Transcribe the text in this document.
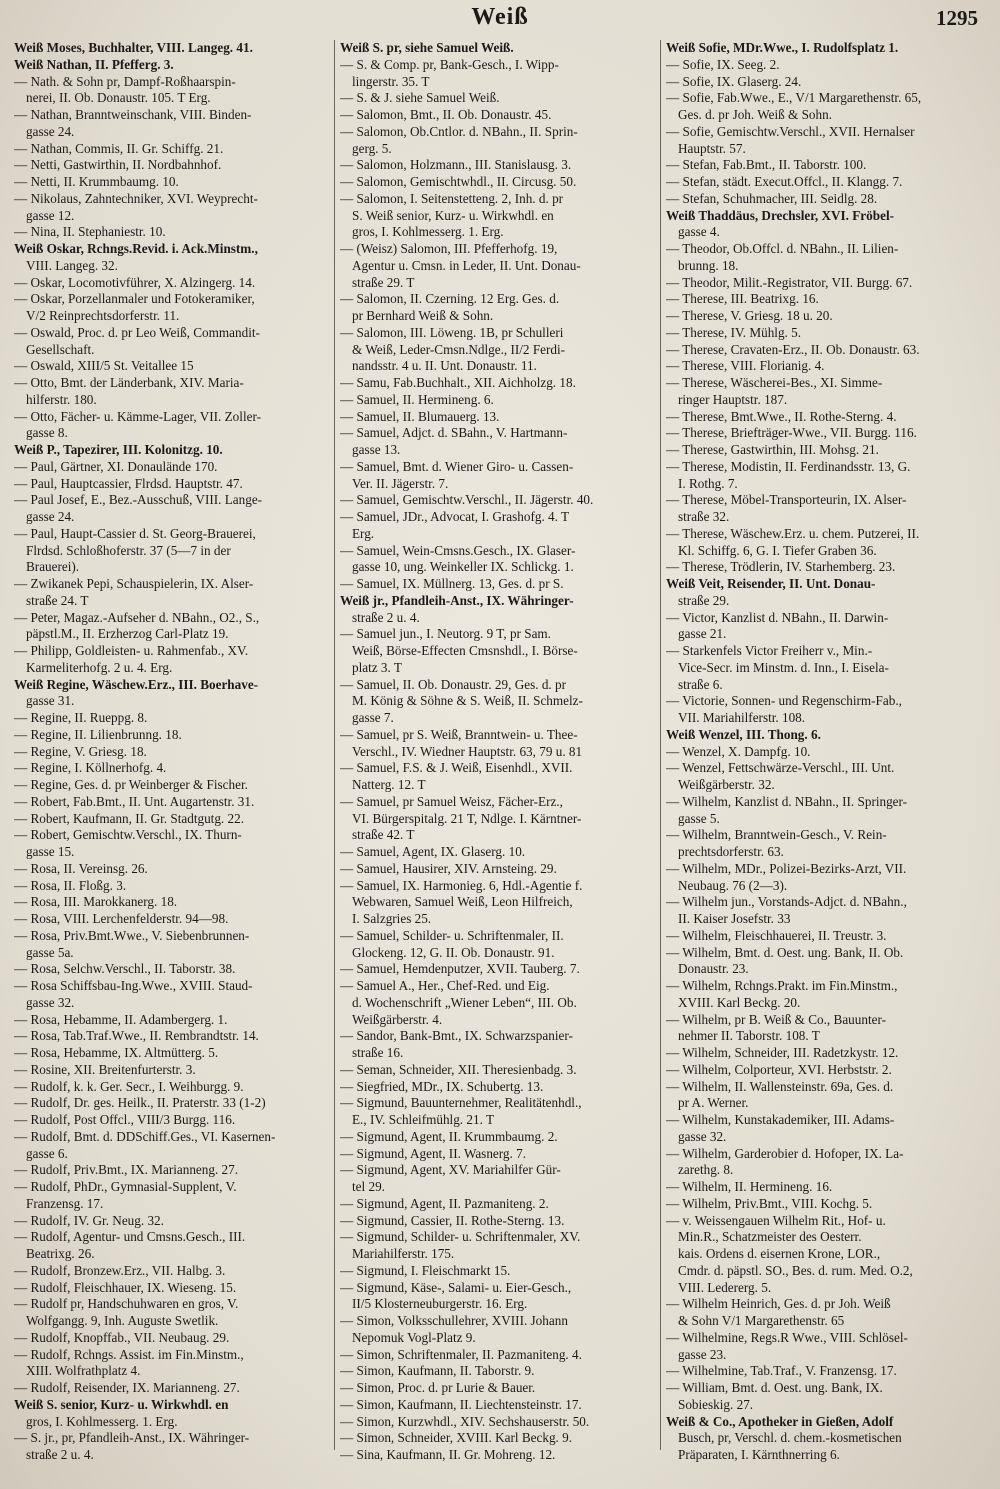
Weiß	1295
Weiß Moses, Buchhalter, VIII. Langeg. 41.
Weiß Nathan, II. Pfefferg. 3.
— Nath. & Sohn pr, Dampf-Roßhaarspin-
nerei, II. Ob. Donaustr. 105. T Erg.
— Nathan, Branntweinschank, VIII. Binden-
gasse 24.
— Nathan, Commis, II. Gr. Schiffg. 21.
— Netti, Gastwirthin, II. Nordbahnhof.
— Netti, II. Krummbaumg. 10.
— Nikolaus, Zahntechniker, XVI. Weyprecht-
gasse 12.
— Nina, II. Stephaniestr. 10.
Weiß Oskar, Rchngs.Revid. i. Ack.Minstm.,
VIII. Langeg. 32.
— Oskar, Locomotivführer, X. Alzingerg. 14.
— Oskar, Porzellanmaler und Fotokeramiker,
V/2 Reinprechtsdorferstr. 11.
— Oswald, Proc. d. pr Leo Weiß, Commandit-
Gesellschaft.
— Oswald, XIII/5 St. Veitallee 15
— Otto, Bmt. der Länderbank, XIV. Maria-
hilferstr. 180.
— Otto, Fächer- u. Kämme-Lager, VII. Zoller-
gasse 8.
Weiß P., Tapezirer, III. Kolonitzg. 10.
— Paul, Gärtner, XI. Donaulände 170.
— Paul, Hauptcassier, Flrdsd. Hauptstr. 47.
— Paul Josef, E., Bez.-Ausschuß, VIII. Lange-
gasse 24.
— Paul, Haupt-Cassier d. St. Georg-Brauerei,
Flrdsd. Schloßhoferstr. 37 (5—7 in der
Brauerei).
— Zwikanek Pepi, Schauspielerin, IX. Alser-
straße 24. T
— Peter, Magaz.-Aufseher d. NBahn., O2., S.,
päpstl.M., II. Erzherzog Carl-Platz 19.
— Philipp, Goldleisten- u. Rahmenfab., XV.
Karmeliterhofg. 2 u. 4. Erg.
Weiß Regine, Wäschew.Erz., III. Boerhave-
gasse 31.
— Regine, II. Rueppg. 8.
— Regine, II. Lilienbrunng. 18.
— Regine, V. Griesg. 18.
— Regine, I. Köllnerhofg. 4.
— Regine, Ges. d. pr Weinberger & Fischer.
— Robert, Fab.Bmt., II. Unt. Augartenstr. 31.
— Robert, Kaufmann, II. Gr. Stadtgutg. 22.
— Robert, Gemischtw.Verschl., IX. Thurn-
gasse 15.
— Rosa, II. Vereinsg. 26.
— Rosa, II. Floßg. 3.
— Rosa, III. Marokkanerg. 18.
— Rosa, VIII. Lerchenfelderstr. 94—98.
— Rosa, Priv.Bmt.Wwe., V. Siebenbrunnen-
gasse 5a.
— Rosa, Selchw.Verschl., II. Taborstr. 38.
— Rosa Schiffsbau-Ing.Wwe., XVIII. Staud-
gasse 32.
— Rosa, Hebamme, II. Adambergerg. 1.
— Rosa, Tab.Traf.Wwe., II. Rembrandtstr. 14.
— Rosa, Hebamme, IX. Altmütterg. 5.
— Rosine, XII. Breitenfurterstr. 3.
— Rudolf, k. k. Ger. Secr., I. Weihburgg. 9.
— Rudolf, Dr. ges. Heilk., II. Praterstr. 33 (1-2)
— Rudolf, Post Offcl., VIII/3 Burgg. 116.
— Rudolf, Bmt. d. DDSchiff.Ges., VI. Kasernen-
gasse 6.
— Rudolf, Priv.Bmt., IX. Marianneng. 27.
— Rudolf, PhDr., Gymnasial-Supplent, V.
Franzensg. 17.
— Rudolf, IV. Gr. Neug. 32.
— Rudolf, Agentur- und Cmsns.Gesch., III.
Beatrixg. 26.
— Rudolf, Bronzew.Erz., VII. Halbg. 3.
— Rudolf, Fleischhauer, IX. Wieseng. 15.
— Rudolf pr, Handschuhwaren en gros, V.
Wolfgangg. 9, Inh. Auguste Swetlik.
— Rudolf, Knopffab., VII. Neubaug. 29.
— Rudolf, Rchngs. Assist. im Fin.Minstm.,
XIII. Wolfrathplatz 4.
— Rudolf, Reisender, IX. Marianneng. 27.
Weiß S. senior, Kurz- u. Wirkwhdl. en
gros, I. Kohlmesserg. 1. Erg.
— S. jr., pr, Pfandleih-Anst., IX. Währinger-
straße 2 u. 4.
Weiß S. pr, siehe Samuel Weiß.
— S. & Comp. pr, Bank-Gesch., I. Wipp-
lingerstr. 35. T
— S. & J. siehe Samuel Weiß.
— Salomon, Bmt., II. Ob. Donaustr. 45.
— Salomon, Ob.Cntlor. d. NBahn., II. Sprin-
gerg. 5.
— Salomon, Holzmann., III. Stanislausg. 3.
— Salomon, Gemischtwhdl., II. Circusg. 50.
— Salomon, I. Seitenstetteng. 2, Inh. d. pr
S. Weiß senior, Kurz- u. Wirkwhdl. en
gros, I. Kohlmesserg. 1. Erg.
— (Weisz) Salomon, III. Pfefferhofg. 19,
Agentur u. Cmsn. in Leder, II. Unt. Donau-
straße 29. T
— Salomon, II. Czerning. 12 Erg. Ges. d.
pr Bernhard Weiß & Sohn.
— Salomon, III. Löweng. 1B, pr Schulleri
& Weiß, Leder-Cmsn.Ndlge., II/2 Ferdi-
nandsstr. 4 u. II. Unt. Donaustr. 11.
— Samu, Fab.Buchhalt., XII. Aichholzg. 18.
— Samuel, II. Hermineng. 6.
— Samuel, II. Blumauerg. 13.
— Samuel, Adjct. d. SBahn., V. Hartmann-
gasse 13.
— Samuel, Bmt. d. Wiener Giro- u. Cassen-
Ver. II. Jägerstr. 7.
— Samuel, Gemischtw.Verschl., II. Jägerstr. 40.
— Samuel, JDr., Advocat, I. Grashofg. 4. T
Erg.
— Samuel, Wein-Cmsns.Gesch., IX. Glaser-
gasse 10, ung. Weinkeller IX. Schlickg. 1.
— Samuel, IX. Müllnerg. 13, Ges. d. pr S.
Weiß jr., Pfandleih-Anst., IX. Währinger-
straße 2 u. 4.
— Samuel jun., I. Neutorg. 9 T, pr Sam.
Weiß, Börse-Effecten Cmsnshdl., I. Börse-
platz 3. T
— Samuel, II. Ob. Donaustr. 29, Ges. d. pr
M. König & Söhne & S. Weiß, II. Schmelz-
gasse 7.
— Samuel, pr S. Weiß, Branntwein- u. Thee-
Verschl., IV. Wiedner Hauptstr. 63, 79 u. 81
— Samuel, F.S. & J. Weiß, Eisenhdl., XVII.
Natterg. 12. T
— Samuel, pr Samuel Weisz, Fächer-Erz.,
VI. Bürgerspitalg. 21 T, Ndlge. I. Kärntner-
straße 42. T
— Samuel, Agent, IX. Glaserg. 10.
— Samuel, Hausirer, XIV. Arnsteing. 29.
— Samuel, IX. Harmonieg. 6, Hdl.-Agentie f.
Webwaren, Samuel Weiß, Leon Hilfreich,
I. Salzgries 25.
— Samuel, Schilder- u. Schriftenmaler, II.
Glockeng. 12, G. II. Ob. Donaustr. 91.
— Samuel, Hemdenputzer, XVII. Tauberg. 7.
— Samuel A., Her., Chef-Red. und Eig.
d. Wochenschrift „Wiener Leben“, III. Ob.
Weißgärberstr. 4.
— Sandor, Bank-Bmt., IX. Schwarzspanier-
straße 16.
— Seman, Schneider, XII. Theresienbadg. 3.
— Siegfried, MDr., IX. Schubertg. 13.
— Sigmund, Bauunternehmer, Realitätenhdl.,
E., IV. Schleifmühlg. 21. T
— Sigmund, Agent, II. Krummbaumg. 2.
— Sigmund, Agent, II. Wasnerg. 7.
— Sigmund, Agent, XV. Mariahilfer Gür-
tel 29.
— Sigmund, Agent, II. Pazmaniteng. 2.
— Sigmund, Cassier, II. Rothe-Sterng. 13.
— Sigmund, Schilder- u. Schriftenmaler, XV.
Mariahilferstr. 175.
— Sigmund, I. Fleischmarkt 15.
— Sigmund, Käse-, Salami- u. Eier-Gesch.,
II/5 Klosterneuburgerstr. 16. Erg.
— Simon, Volksschullehrer, XVIII. Johann
Nepomuk Vogl-Platz 9.
— Simon, Schriftenmaler, II. Pazmaniteng. 4.
— Simon, Kaufmann, II. Taborstr. 9.
— Simon, Proc. d. pr Lurie & Bauer.
— Simon, Kaufmann, II. Liechtensteinstr. 17.
— Simon, Kurzwhdl., XIV. Sechshauserstr. 50.
— Simon, Schneider, XVIII. Karl Beckg. 9.
— Sina, Kaufmann, II. Gr. Mohreng. 12.
Weiß Sofie, MDr.Wwe., I. Rudolfsplatz 1.
— Sofie, IX. Seeg. 2.
— Sofie, IX. Glaserg. 24.
— Sofie, Fab.Wwe., E., V/1 Margarethenstr. 65,
Ges. d. pr Joh. Weiß & Sohn.
— Sofie, Gemischtw.Verschl., XVII. Hernalser
Hauptstr. 57.
— Stefan, Fab.Bmt., II. Taborstr. 100.
— Stefan, städt. Execut.Offcl., II. Klangg. 7.
— Stefan, Schuhmacher, III. Seidlg. 28.
Weiß Thaddäus, Drechsler, XVI. Fröbel-
gasse 4.
— Theodor, Ob.Offcl. d. NBahn., II. Lilien-
brunng. 18.
— Theodor, Milit.-Registrator, VII. Burgg. 67.
— Therese, III. Beatrixg. 16.
— Therese, V. Griesg. 18 u. 20.
— Therese, IV. Mühlg. 5.
— Therese, Cravaten-Erz., II. Ob. Donaustr. 63.
— Therese, VIII. Florianig. 4.
— Therese, Wäscherei-Bes., XI. Simme-
ringer Hauptstr. 187.
— Therese, Bmt.Wwe., II. Rothe-Sterng. 4.
— Therese, Briefträger-Wwe., VII. Burgg. 116.
— Therese, Gastwirthin, III. Mohsg. 21.
— Therese, Modistin, II. Ferdinandsstr. 13, G.
I. Rothg. 7.
— Therese, Möbel-Transporteurin, IX. Alser-
straße 32.
— Therese, Wäschew.Erz. u. chem. Putzerei, II.
Kl. Schiffg. 6, G. I. Tiefer Graben 36.
— Therese, Trödlerin, IV. Starhemberg. 23.
Weiß Veit, Reisender, II. Unt. Donau-
straße 29.
— Victor, Kanzlist d. NBahn., II. Darwin-
gasse 21.
— Starkenfels Victor Freiherr v., Min.-
Vice-Secr. im Minstm. d. Inn., I. Eisela-
straße 6.
— Victorie, Sonnen- und Regenschirm-Fab.,
VII. Mariahilferstr. 108.
Weiß Wenzel, III. Thong. 6.
— Wenzel, X. Dampfg. 10.
— Wenzel, Fettschwärze-Verschl., III. Unt.
Weißgärberstr. 32.
— Wilhelm, Kanzlist d. NBahn., II. Springer-
gasse 5.
— Wilhelm, Branntwein-Gesch., V. Rein-
prechtsdorferstr. 63.
— Wilhelm, MDr., Polizei-Bezirks-Arzt, VII.
Neubaug. 76 (2—3).
— Wilhelm jun., Vorstands-Adjct. d. NBahn.,
II. Kaiser Josefstr. 33
— Wilhelm, Fleischhauerei, II. Treustr. 3.
— Wilhelm, Bmt. d. Oest. ung. Bank, II. Ob.
Donaustr. 23.
— Wilhelm, Rchngs.Prakt. im Fin.Minstm.,
XVIII. Karl Beckg. 20.
— Wilhelm, pr B. Weiß & Co., Bauunter-
nehmer II. Taborstr. 108. T
— Wilhelm, Schneider, III. Radetzkystr. 12.
— Wilhelm, Colporteur, XVI. Herbststr. 2.
— Wilhelm, II. Wallensteinstr. 69a, Ges. d.
pr A. Werner.
— Wilhelm, Kunstakademiker, III. Adams-
gasse 32.
— Wilhelm, Garderobier d. Hofoper, IX. La-
zarethg. 8.
— Wilhelm, II. Hermineng. 16.
— Wilhelm, Priv.Bmt., VIII. Kochg. 5.
— v. Weissengauen Wilhelm Rit., Hof- u.
Min.R., Schatzmeister des Oesterr.
kais. Ordens d. eisernen Krone, LOR.,
Cmdr. d. päpstl. SO., Bes. d. rum. Med. O.2,
VIII. Ledererg. 5.
— Wilhelm Heinrich, Ges. d. pr Joh. Weiß
& Sohn V/1 Margarethenstr. 65
— Wilhelmine, Regs.R Wwe., VIII. Schlösel-
gasse 23.
— Wilhelmine, Tab.Traf., V. Franzensg. 17.
— William, Bmt. d. Oest. ung. Bank, IX.
Sobieskig. 27.
Weiß & Co., Apotheker in Gießen, Adolf
Busch, pr, Verschl. d. chem.-kosmetischen
Präparaten, I. Kärnthnerring 6.
